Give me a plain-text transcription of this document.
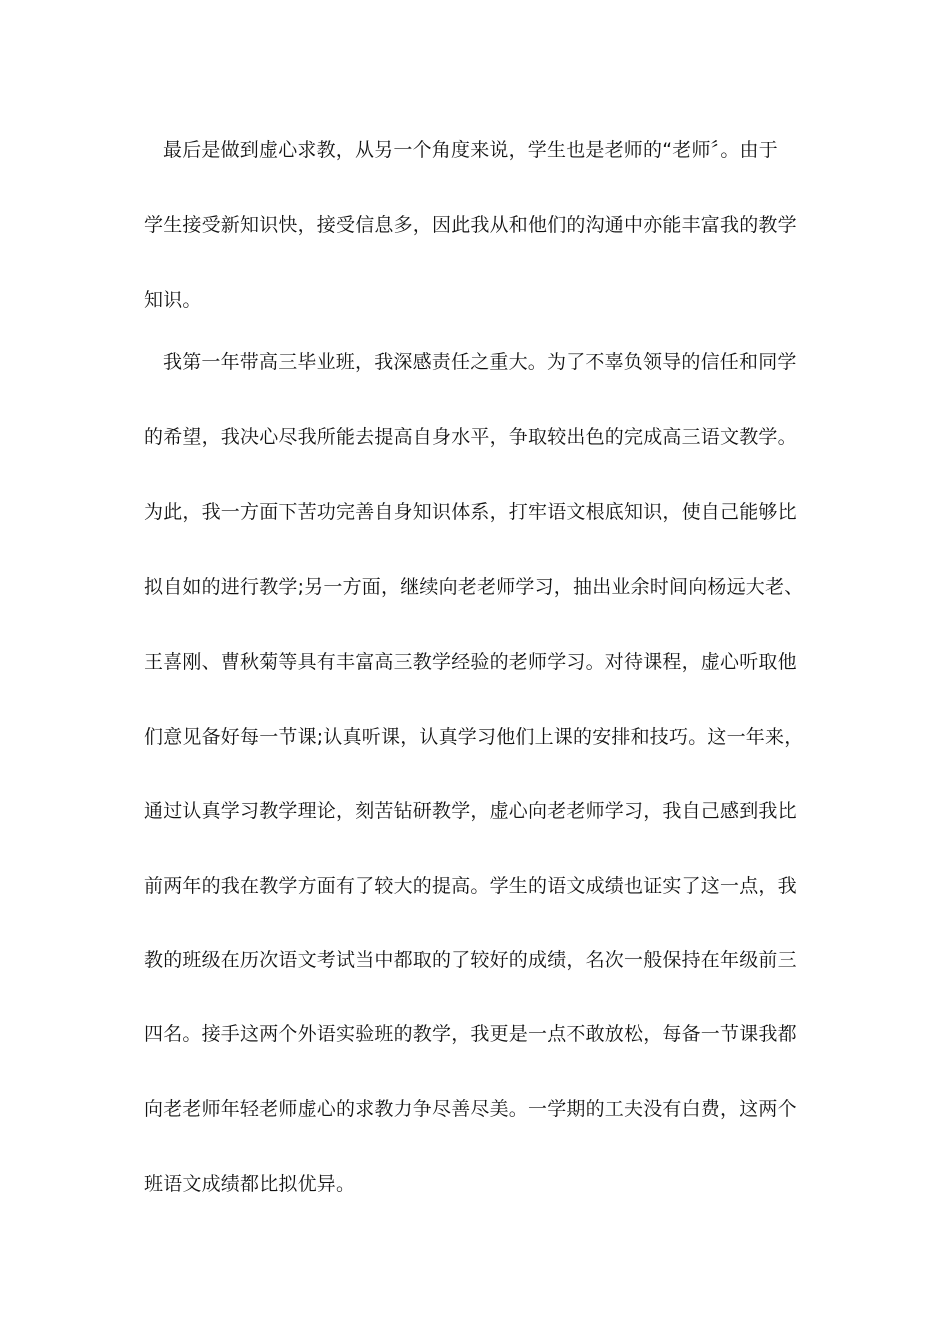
最后是做到虚心求教，从另一个角度来说，学生也是老师的“老师〞。由于
学生接受新知识快，接受信息多，因此我从和他们的沟通中亦能丰富我的教学
知识。
我第一年带高三毕业班，我深感责任之重大。为了不辜负领导的信任和同学
的希望，我决心尽我所能去提高自身水平，争取较出色的完成高三语文教学。
为此，我一方面下苦功完善自身知识体系，打牢语文根底知识，使自己能够比
拟自如的进行教学;另一方面，继续向老老师学习，抽出业余时间向杨远大老、
王喜刚、曹秋菊等具有丰富高三教学经验的老师学习。对待课程，虚心听取他
们意见备好每一节课;认真听课，认真学习他们上课的安排和技巧。这一年来，
通过认真学习教学理论，刻苦钻研教学，虚心向老老师学习，我自己感到我比
前两年的我在教学方面有了较大的提高。学生的语文成绩也证实了这一点，我
教的班级在历次语文考试当中都取的了较好的成绩，名次一般保持在年级前三
四名。接手这两个外语实验班的教学，我更是一点不敢放松，每备一节课我都
向老老师年轻老师虚心的求教力争尽善尽美。一学期的工夫没有白费，这两个
班语文成绩都比拟优异。
